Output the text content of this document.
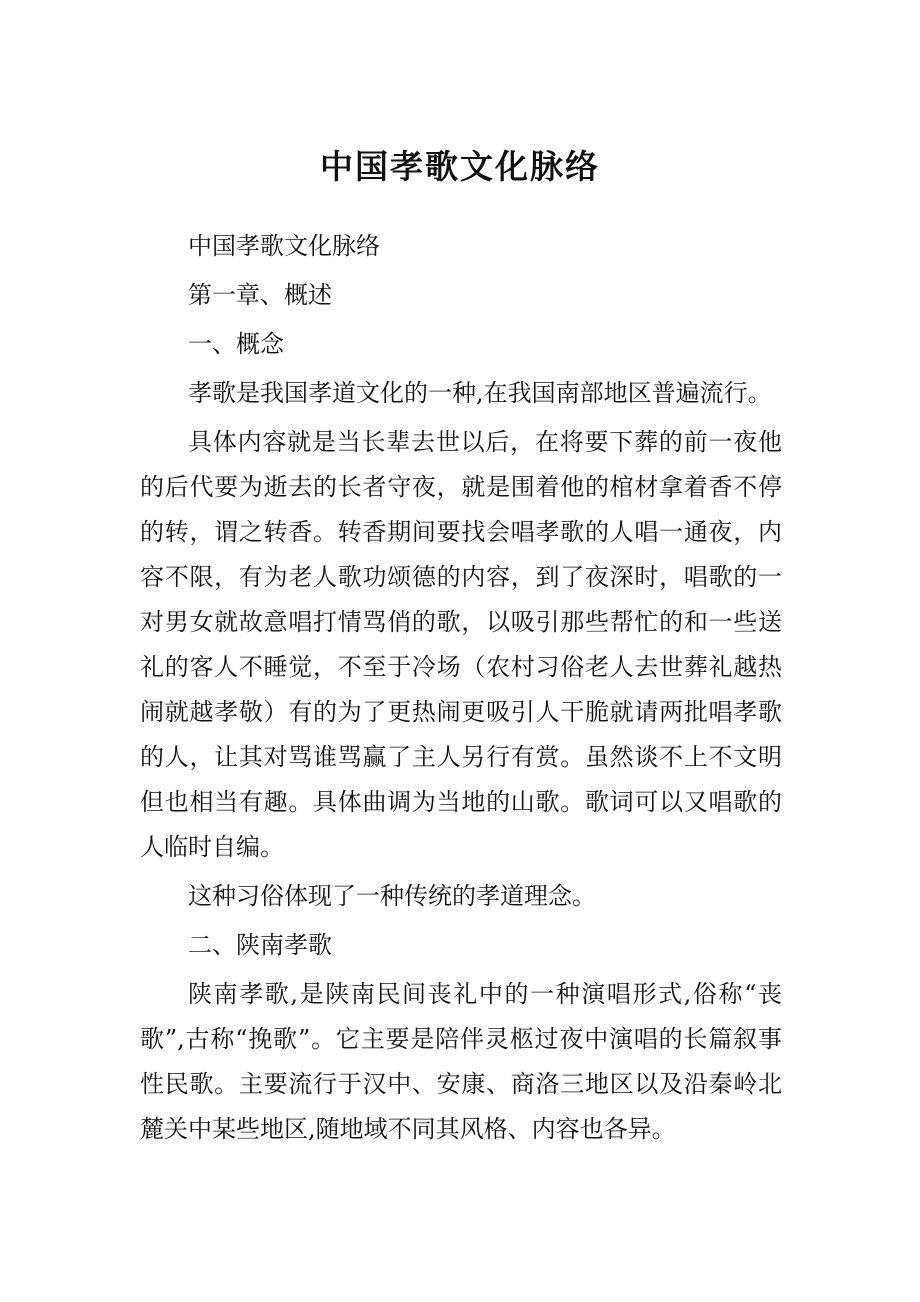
中国孝歌文化脉络

中国孝歌文化脉络

第一章、概述

一、概念

孝歌是我国孝道文化的一种,在我国南部地区普遍流行。

具体内容就是当长辈去世以后，在将要下葬的前一夜他的后代要为逝去的长者守夜，就是围着他的棺材拿着香不停的转，谓之转香。转香期间要找会唱孝歌的人唱一通夜，内容不限，有为老人歌功颂德的内容，到了夜深时，唱歌的一对男女就故意唱打情骂俏的歌，以吸引那些帮忙的和一些送礼的客人不睡觉，不至于冷场（农村习俗老人去世葬礼越热闹就越孝敬）有的为了更热闹更吸引人干脆就请两批唱孝歌的人，让其对骂谁骂赢了主人另行有赏。虽然谈不上不文明但也相当有趣。具体曲调为当地的山歌。歌词可以又唱歌的人临时自编。

这种习俗体现了一种传统的孝道理念。

二、陕南孝歌

陕南孝歌,是陕南民间丧礼中的一种演唱形式,俗称“丧歌”,古称“挽歌”。它主要是陪伴灵柩过夜中演唱的长篇叙事性民歌。主要流行于汉中、安康、商洛三地区以及沿秦岭北麓关中某些地区,随地域不同其风格、内容也各异。
